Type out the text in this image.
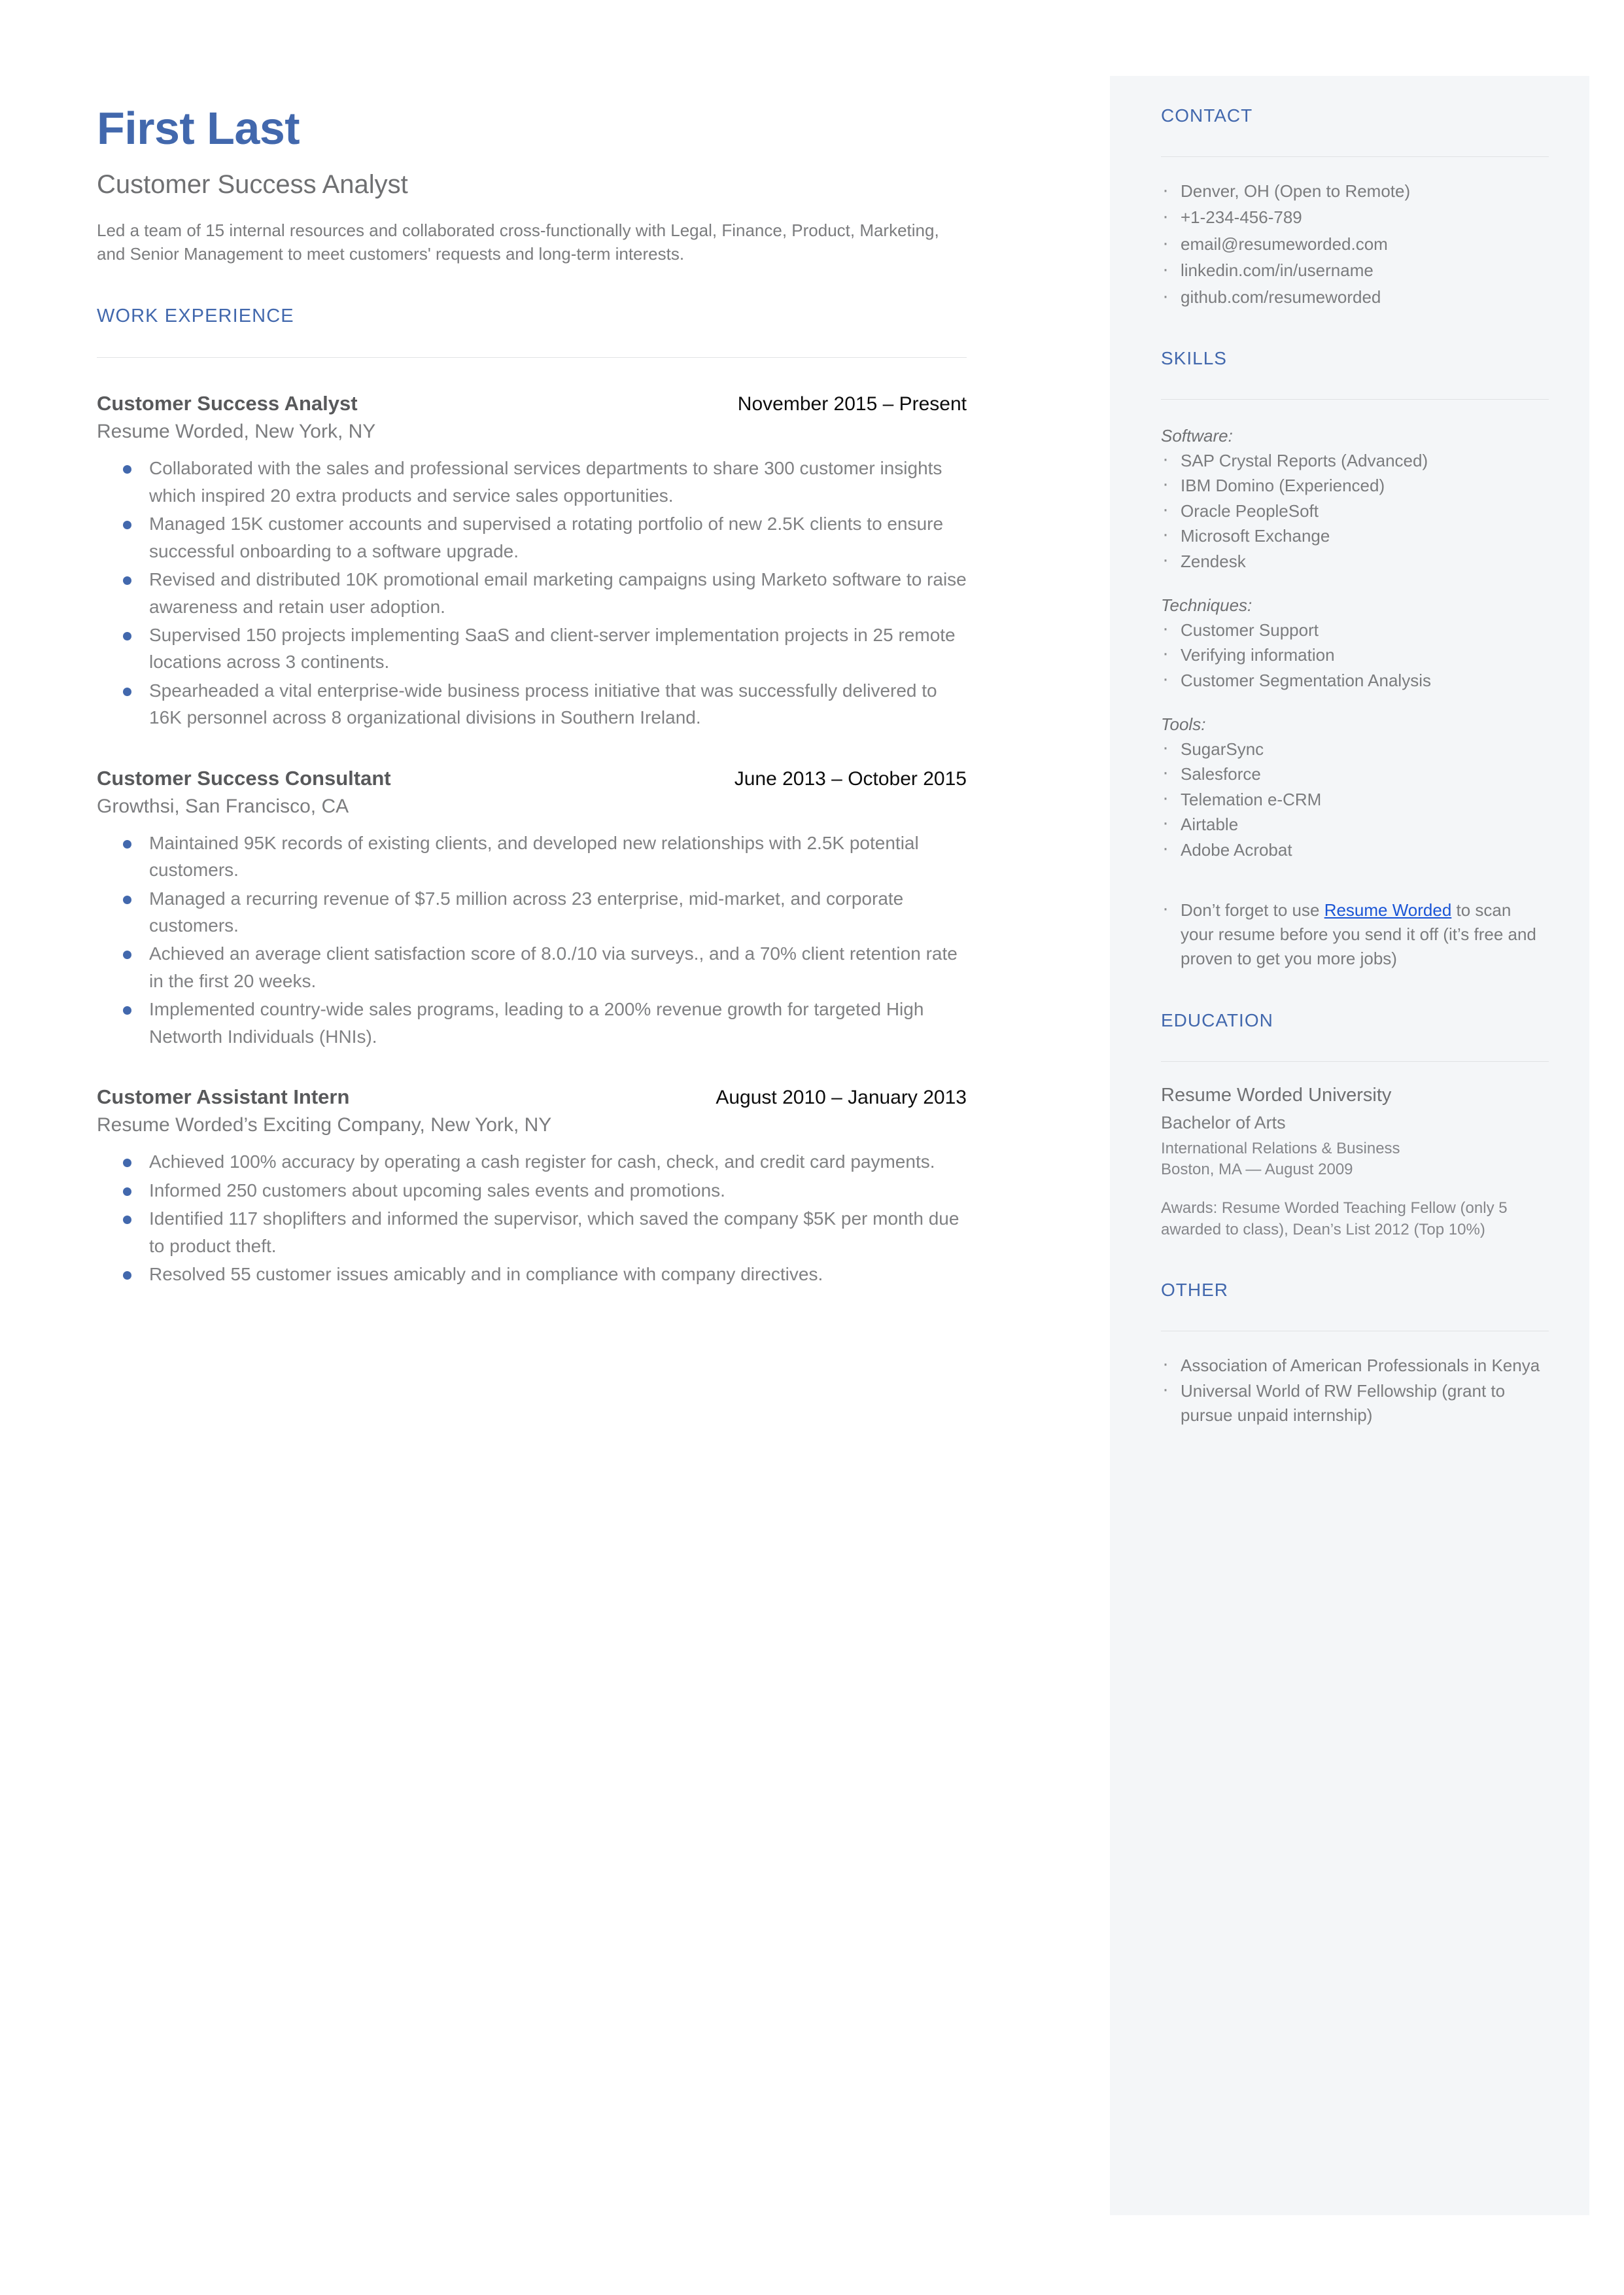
First Last
Customer Success Analyst

Led a team of 15 internal resources and collaborated cross-functionally with Legal, Finance, Product, Marketing, and Senior Management to meet customers' requests and long-term interests.

WORK EXPERIENCE
Customer Success Analyst	November 2015 – Present
Resume Worded, New York, NY
Collaborated with the sales and professional services departments to share 300 customer insights which inspired 20 extra products and service sales opportunities.
Managed 15K customer accounts and supervised a rotating portfolio of new 2.5K clients to ensure successful onboarding to a software upgrade.
Revised and distributed 10K promotional email marketing campaigns using Marketo software to raise awareness and retain user adoption.
Supervised 150 projects implementing SaaS and client-server implementation projects in 25 remote locations across 3 continents.
Spearheaded a vital enterprise-wide business process initiative that was successfully delivered to 16K personnel across 8 organizational divisions in Southern Ireland.
Customer Success Consultant	June 2013 – October 2015
Growthsi, San Francisco, CA
Maintained 95K records of existing clients, and developed new relationships with 2.5K potential customers.
Managed a recurring revenue of $7.5 million across 23 enterprise, mid-market, and corporate customers.
Achieved an average client satisfaction score of 8.0./10 via surveys., and a 70% client retention rate in the first 20 weeks.
Implemented country-wide sales programs, leading to a 200% revenue growth for targeted High Networth Individuals (HNIs).
Customer Assistant Intern	August 2010 – January 2013
Resume Worded’s Exciting Company, New York, NY
Achieved 100% accuracy by operating a cash register for cash, check, and credit card payments.
Informed 250 customers about upcoming sales events and promotions.
Identified 117 shoplifters and informed the supervisor, which saved the company $5K per month due to product theft.
Resolved 55 customer issues amicably and in compliance with company directives.
CONTACT
· Denver, OH (Open to Remote)
· +1-234-456-789
· email@resumeworded.com
· linkedin.com/in/username
· github.com/resumeworded
SKILLS
Software:
· SAP Crystal Reports (Advanced)
· IBM Domino (Experienced)
· Oracle PeopleSoft
· Microsoft Exchange
· Zendesk
Techniques:
· Customer Support
· Verifying information
· Customer Segmentation Analysis
Tools:
· SugarSync
· Salesforce
· Telemation e-CRM
· Airtable
· Adobe Acrobat
· Don’t forget to use Resume Worded to scan your resume before you send it off (it’s free and proven to get you more jobs)
EDUCATION
Resume Worded University
Bachelor of Arts
International Relations & Business
Boston, MA — August 2009
Awards: Resume Worded Teaching Fellow (only 5 awarded to class), Dean’s List 2012 (Top 10%)
OTHER
· Association of American Professionals in Kenya
· Universal World of RW Fellowship (grant to pursue unpaid internship)
